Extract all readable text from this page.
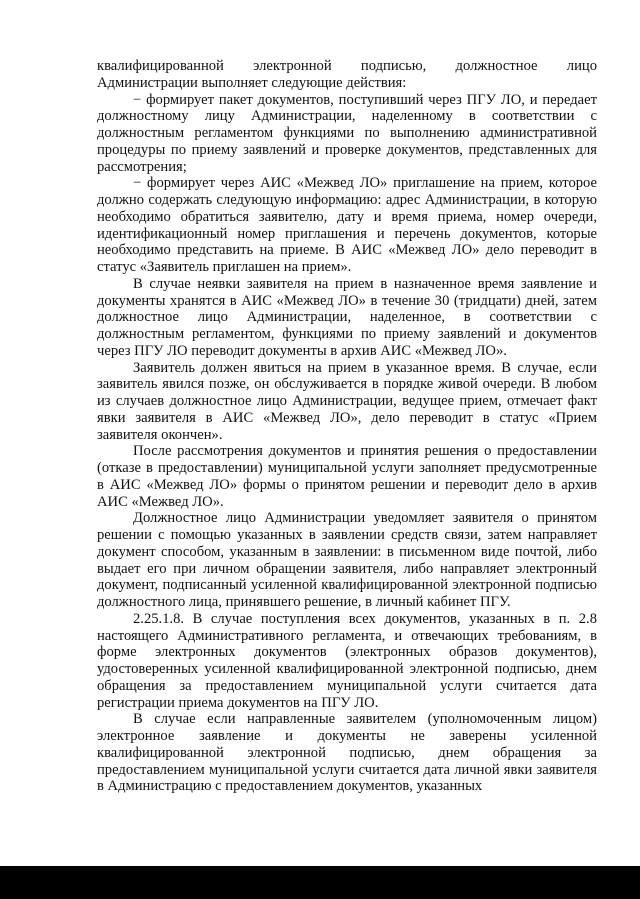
квалифицированной электронной подписью, должностное лицо Администрации выполняет следующие действия:

− формирует пакет документов, поступивший через ПГУ ЛО, и передает должностному лицу Администрации, наделенному в соответствии с должностным регламентом функциями по выполнению административной процедуры по приему заявлений и проверке документов, представленных для рассмотрения;

− формирует через АИС «Межвед ЛО» приглашение на прием, которое должно содержать следующую информацию: адрес Администрации, в которую необходимо обратиться заявителю, дату и время приема, номер очереди, идентификационный номер приглашения и перечень документов, которые необходимо представить на приеме. В АИС «Межвед ЛО» дело переводит в статус «Заявитель приглашен на прием».

В случае неявки заявителя на прием в назначенное время заявление и документы хранятся в АИС «Межвед ЛО» в течение 30 (тридцати) дней, затем должностное лицо Администрации, наделенное, в соответствии с должностным регламентом, функциями по приему заявлений и документов через ПГУ ЛО переводит документы в архив АИС «Межвед ЛО».

Заявитель должен явиться на прием в указанное время. В случае, если заявитель явился позже, он обслуживается в порядке живой очереди. В любом из случаев должностное лицо Администрации, ведущее прием, отмечает факт явки заявителя в АИС «Межвед ЛО», дело переводит в статус «Прием заявителя окончен».

После рассмотрения документов и принятия решения о предоставлении (отказе в предоставлении) муниципальной услуги заполняет предусмотренные в АИС «Межвед ЛО» формы о принятом решении и переводит дело в архив АИС «Межвед ЛО».

Должностное лицо Администрации уведомляет заявителя о принятом решении с помощью указанных в заявлении средств связи, затем направляет документ способом, указанным в заявлении: в письменном виде почтой, либо выдает его при личном обращении заявителя, либо направляет электронный документ, подписанный усиленной квалифицированной электронной подписью должностного лица, принявшего решение, в личный кабинет ПГУ.

2.25.1.8. В случае поступления всех документов, указанных в п. 2.8 настоящего Административного регламента, и отвечающих требованиям, в форме электронных документов (электронных образов документов), удостоверенных усиленной квалифицированной электронной подписью, днем обращения за предоставлением муниципальной услуги считается дата регистрации приема документов на ПГУ ЛО.

В случае если направленные заявителем (уполномоченным лицом) электронное заявление и документы не заверены усиленной квалифицированной электронной подписью, днем обращения за предоставлением муниципальной услуги считается дата личной явки заявителя в Администрацию с предоставлением документов, указанных
